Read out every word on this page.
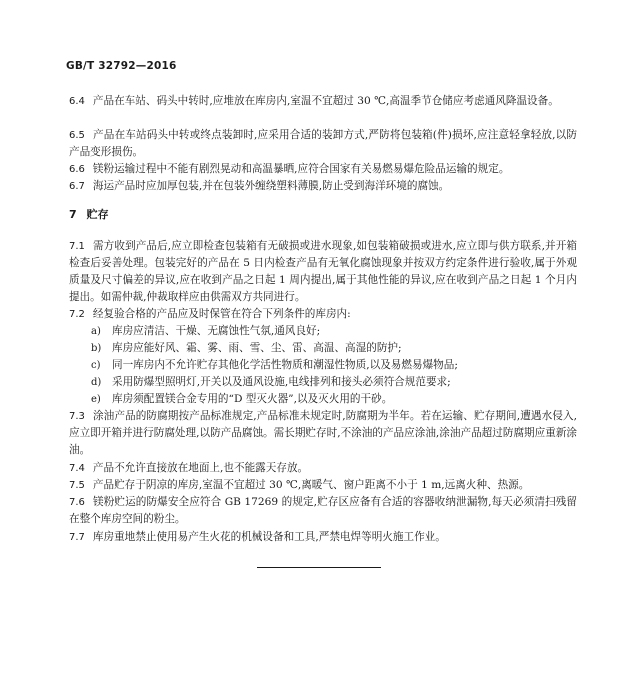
GB/T 32792—2016
6.4 产品在车站、码头中转时,应堆放在库房内,室温不宜超过 30 ℃,高温季节仓储应考虑通风降温设备。
6.5 产品在车站码头中转或终点装卸时,应采用合适的装卸方式,严防将包装箱(件)损坏,应注意轻拿轻放,以防产品变形损伤。
6.6 镁粉运输过程中不能有剧烈晃动和高温暴晒,应符合国家有关易燃易爆危险品运输的规定。
6.7 海运产品时应加厚包装,并在包装外缠绕塑料薄膜,防止受到海洋环境的腐蚀。
7 贮存
7.1 需方收到产品后,应立即检查包装箱有无破损或进水现象,如包装箱破损或进水,应立即与供方联系,并开箱检查后妥善处理。包装完好的产品在 5 日内检查产品有无氧化腐蚀现象并按双方约定条件进行验收,属于外观质量及尺寸偏差的异议,应在收到产品之日起 1 周内提出,属于其他性能的异议,应在收到产品之日起 1 个月内提出。如需仲裁,仲裁取样应由供需双方共同进行。
7.2 经复验合格的产品应及时保管在符合下列条件的库房内:
a) 库房应清洁、干燥、无腐蚀性气氛,通风良好;
b) 库房应能好风、霜、雾、雨、雪、尘、雷、高温、高湿的防护;
c) 同一库房内不允许贮存其他化学活性物质和潮湿性物质,以及易燃易爆物品;
d) 采用防爆型照明灯,开关以及通风设施,电线排列和接头必须符合规范要求;
e) 库房须配置镁合金专用的“D 型灭火器”,以及灭火用的干砂。
7.3 涂油产品的防腐期按产品标准规定,产品标准未规定时,防腐期为半年。若在运输、贮存期间,遭遇水侵入,应立即开箱并进行防腐处理,以防产品腐蚀。需长期贮存时,不涂油的产品应涂油,涂油产品超过防腐期应重新涂油。
7.4 产品不允许直接放在地面上,也不能露天存放。
7.5 产品贮存于阴凉的库房,室温不宜超过 30 ℃,离暖气、窗户距离不小于 1 m,远离火种、热源。
7.6 镁粉贮运的防爆安全应符合 GB 17269 的规定,贮存区应备有合适的容器收纳泄漏物,每天必须清扫残留在整个库房空间的粉尘。
7.7 库房重地禁止使用易产生火花的机械设备和工具,严禁电焊等明火施工作业。
